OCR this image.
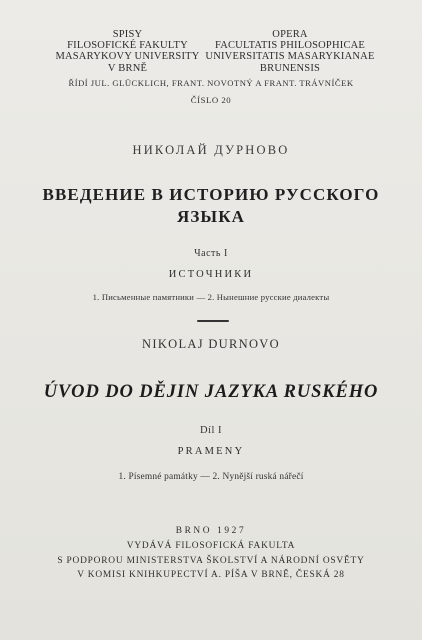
SPISY
FILOSOFICKÉ FAKULTY
MASARYKOVY UNIVERSITY
V BRNĚ
OPERA
FACULTATIS PHILOSOPHICAE
UNIVERSITATIS MASARYKIANAE
BRUNENSIS
ŘÍDÍ JUL. GLÜCKLICH, FRANT. NOVOTNÝ A FRANT. TRÁVNÍČEK
ČÍSLO 20
НИКОЛАЙ ДУРНОВО
ВВЕДЕНИЕ В ИСТОРИЮ РУССКОГО
ЯЗЫКА
Часть I
ИСТОЧНИКИ
1. Письменные памятники — 2. Нынешние русские диалекты
NIKOLAJ DURNOVO
ÚVOD DO DĚJIN JAZYKA RUSKÉHO
Díl I
PRAMENY
1. Písemné památky — 2. Nynější ruská nářečí
BRNO 1927
VYDÁVÁ FILOSOFICKÁ FAKULTA
S PODPOROU MINISTERSTVA ŠKOLSTVÍ A NÁRODNÍ OSVĚTY
V KOMISI KNIHKUPECTVÍ A. PÍŠA V BRNĚ, ČESKÁ 28
